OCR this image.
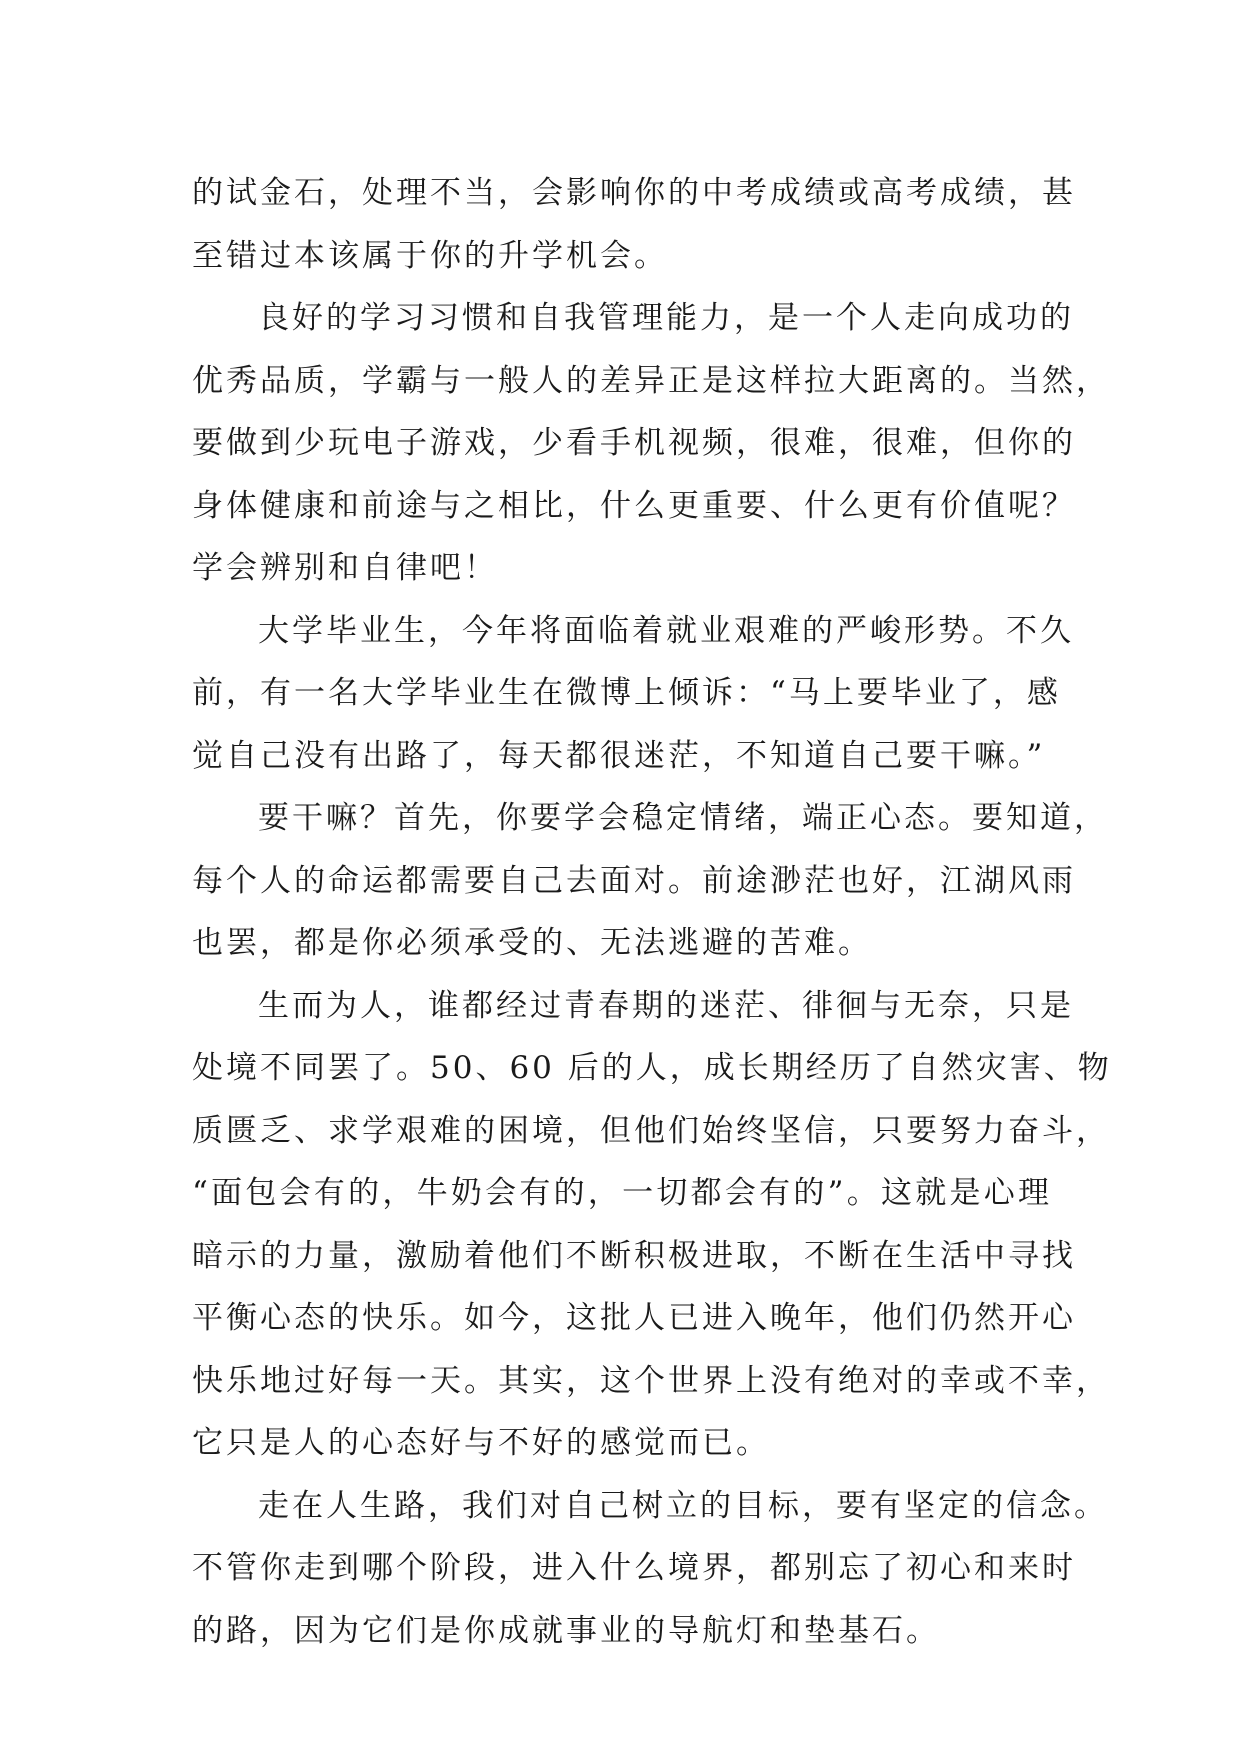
的试金石，处理不当，会影响你的中考成绩或高考成绩，甚
至错过本该属于你的升学机会。

良好的学习习惯和自我管理能力，是一个人走向成功的
优秀品质，学霸与一般人的差异正是这样拉大距离的。当然，
要做到少玩电子游戏，少看手机视频，很难，很难，但你的
身体健康和前途与之相比，什么更重要、什么更有价值呢？
学会辨别和自律吧！

大学毕业生，今年将面临着就业艰难的严峻形势。不久
前，有一名大学毕业生在微博上倾诉：“马上要毕业了，感
觉自己没有出路了，每天都很迷茫，不知道自己要干嘛。”

要干嘛？首先，你要学会稳定情绪，端正心态。要知道，
每个人的命运都需要自己去面对。前途渺茫也好，江湖风雨
也罢，都是你必须承受的、无法逃避的苦难。

生而为人，谁都经过青春期的迷茫、徘徊与无奈，只是
处境不同罢了。50、60 后的人，成长期经历了自然灾害、物
质匮乏、求学艰难的困境，但他们始终坚信，只要努力奋斗，
“面包会有的，牛奶会有的，一切都会有的”。这就是心理
暗示的力量，激励着他们不断积极进取，不断在生活中寻找
平衡心态的快乐。如今，这批人已进入晚年，他们仍然开心
快乐地过好每一天。其实，这个世界上没有绝对的幸或不幸，
它只是人的心态好与不好的感觉而已。

走在人生路，我们对自己树立的目标，要有坚定的信念。
不管你走到哪个阶段，进入什么境界，都别忘了初心和来时
的路，因为它们是你成就事业的导航灯和垫基石。
